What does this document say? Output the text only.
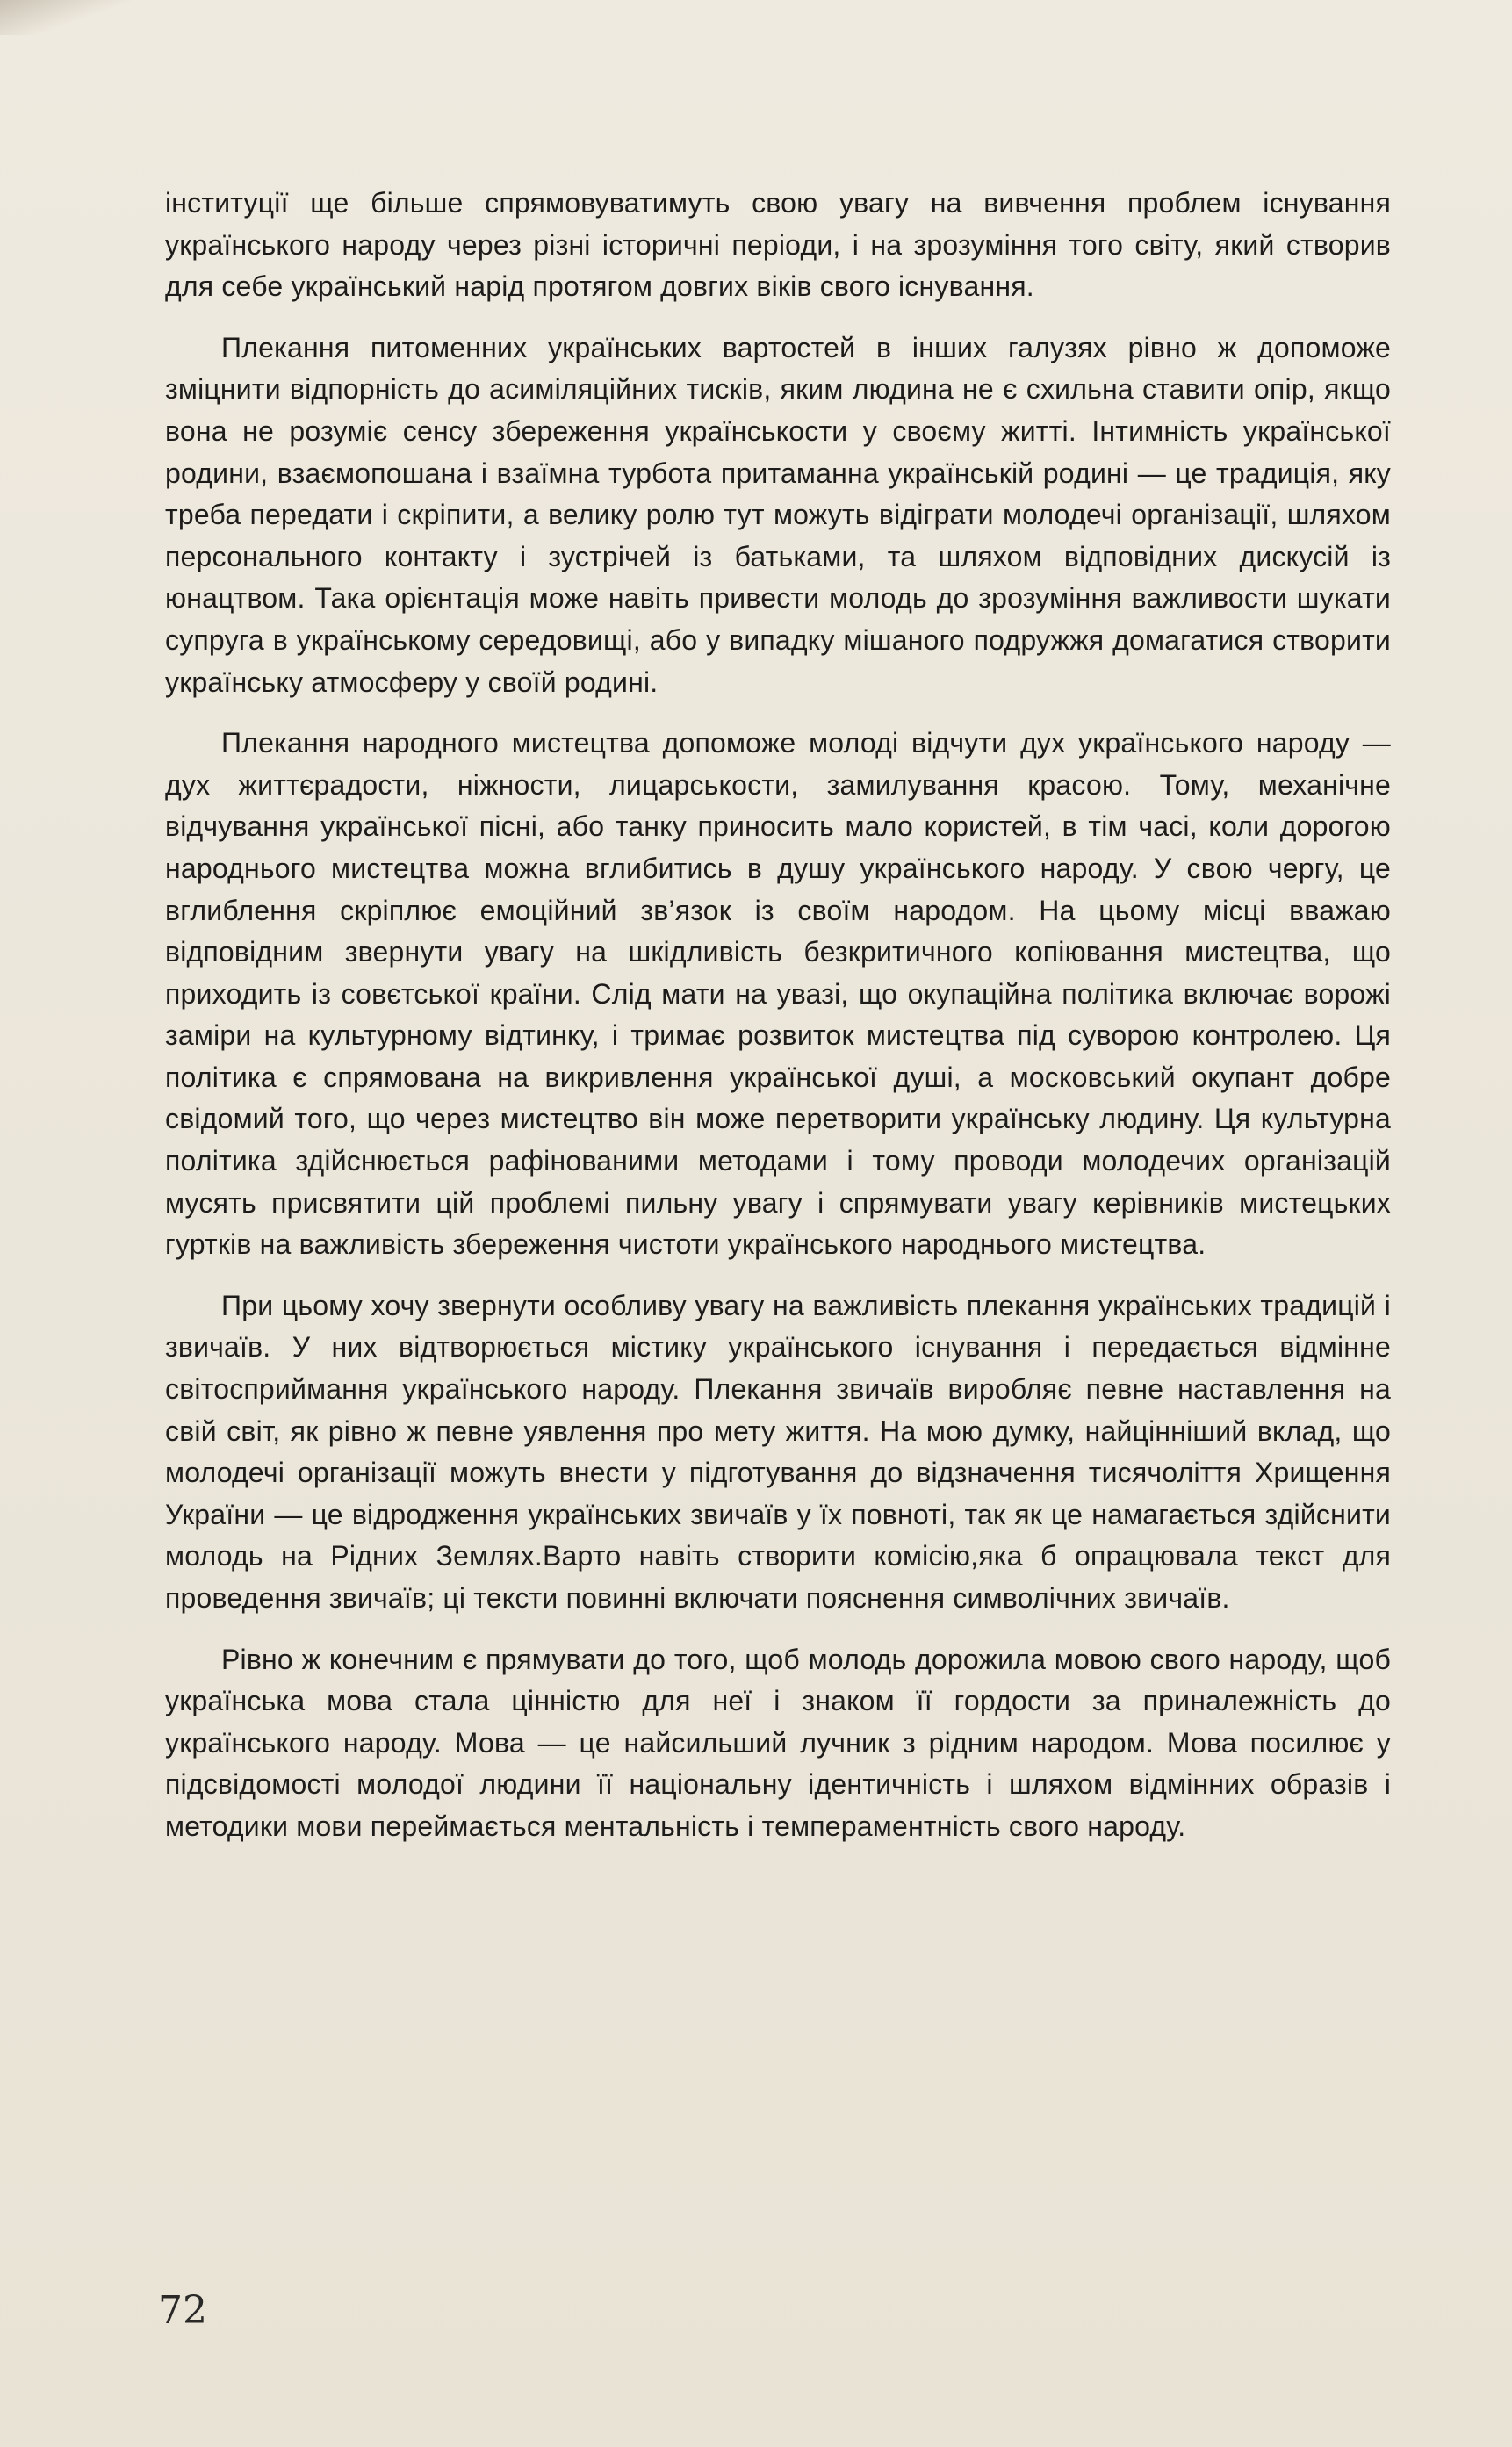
інституції ще більше спрямовуватимуть свою увагу на вивчення проблем існування українського народу через різні історичні періоди, і на зрозуміння того світу, який створив для себе український нарід протягом довгих віків свого існування.

Плекання питоменних українських вартостей в інших галузях рівно ж допоможе зміцнити відпорність до асиміляційних тисків, яким людина не є схильна ставити опір, якщо вона не розуміє сенсу збереження українськости у своєму житті. Інтимність української родини, взаємопошана і взаїмна турбота притаманна українській родині — це традиція, яку треба передати і скріпити, а велику ролю тут можуть відіграти молодечі організації, шляхом персонального контакту і зустрічей із батьками, та шляхом відповідних дискусій із юнацтвом. Така орієнтація може навіть привести молодь до зрозуміння важливости шукати супруга в українському середовищі, або у випадку мішаного подружжя домагатися створити українську атмосферу у своїй родині.

Плекання народного мистецтва допоможе молоді відчути дух українського народу — дух життєрадости, ніжности, лицарськости, замилування красою. Тому, механічне відчування української пісні, або танку приносить мало користей, в тім часі, коли дорогою народнього мистецтва можна вглибитись в душу українського народу. У свою чергу, це вглиблення скріплює емоційний зв’язок із своїм народом. На цьому місці вважаю відповідним звернути увагу на шкідливість безкритичного копіювання мистецтва, що приходить із совєтської країни. Слід мати на увазі, що окупаційна політика включає ворожі заміри на культурному відтинку, і тримає розвиток мистецтва під суворою контролею. Ця політика є спрямована на викривлення української душі, а московський окупант добре свідомий того, що через мистецтво він може перетворити українську людину. Ця культурна політика здійснюється рафінованими методами і тому проводи молодечих організацій мусять присвятити цій проблемі пильну увагу і спрямувати увагу керівників мистецьких гуртків на важливість збереження чистоти українського народнього мистецтва.

При цьому хочу звернути особливу увагу на важливість плекання українських традицій і звичаїв. У них відтворюється містику українського існування і передається відмінне світосприймання українського народу. Плекання звичаїв виробляє певне наставлення на свій світ, як рівно ж певне уявлення про мету життя. На мою думку, найцінніший вклад, що молодечі організації можуть внести у підготування до відзначення тисячоліття Хрищення України — це відродження українських звичаїв у їх повноті, так як це намагається здійснити молодь на Рідних Землях.Варто навіть створити комісію,яка б опрацювала текст для проведення звичаїв; ці тексти повинні включати пояснення символічних звичаїв.

Рівно ж конечним є прямувати до того, щоб молодь дорожила мовою свого народу, щоб українська мова стала цінністю для неї і знаком її гордости за приналежність до українського народу. Мова — це найсильший лучник з рідним народом. Мова посилює у підсвідомості молодої людини її національну ідентичність і шляхом відмінних образів і методики мови переймається ментальність і темпераментність свого народу.

72
